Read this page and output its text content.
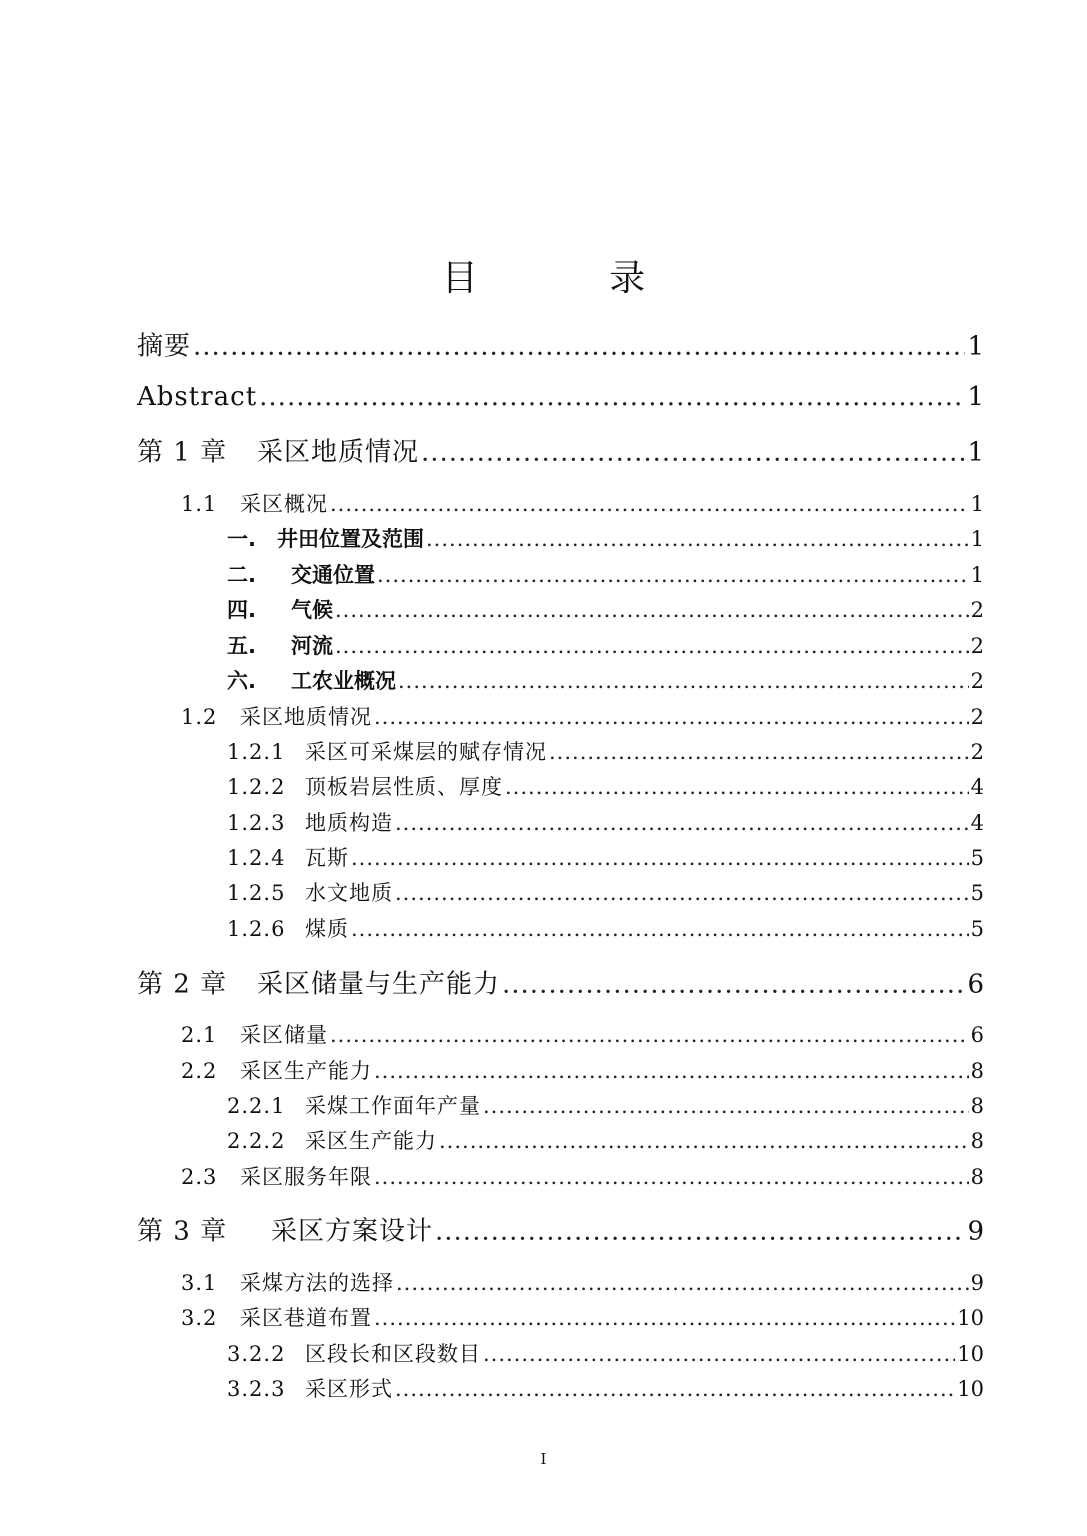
目 录
摘要 .....	1
Abstract .....	1
第 1 章	采区地质情况 .....	1
1.1	采区概况 .....	1
一.	井田位置及范围 .....	1
二.	交通位置 .....	1
四.	气候 .....	2
五.	河流 .....	2
六.	工农业概况 .....	2
1.2	采区地质情况 .....	2
1.2.1 采区可采煤层的赋存情况 .....	2
1.2.2 顶板岩层性质、厚度 .....	4
1.2.3 地质构造 .....	4
1.2.4 瓦斯 .....	5
1.2.5 水文地质 .....	5
1.2.6 煤质 .....	5
第 2 章	采区储量与生产能力 .....	6
2.1	采区储量 .....	6
2.2	采区生产能力 .....	8
2.2.1 采煤工作面年产量 .....	8
2.2.2 采区生产能力 .....	8
2.3	采区服务年限 .....	8
第 3 章	采区方案设计 .....	9
3.1	采煤方法的选择 .....	9
3.2	采区巷道布置 .....	10
3.2.2 区段长和区段数目 .....	10
3.2.3 采区形式 .....	10
I
